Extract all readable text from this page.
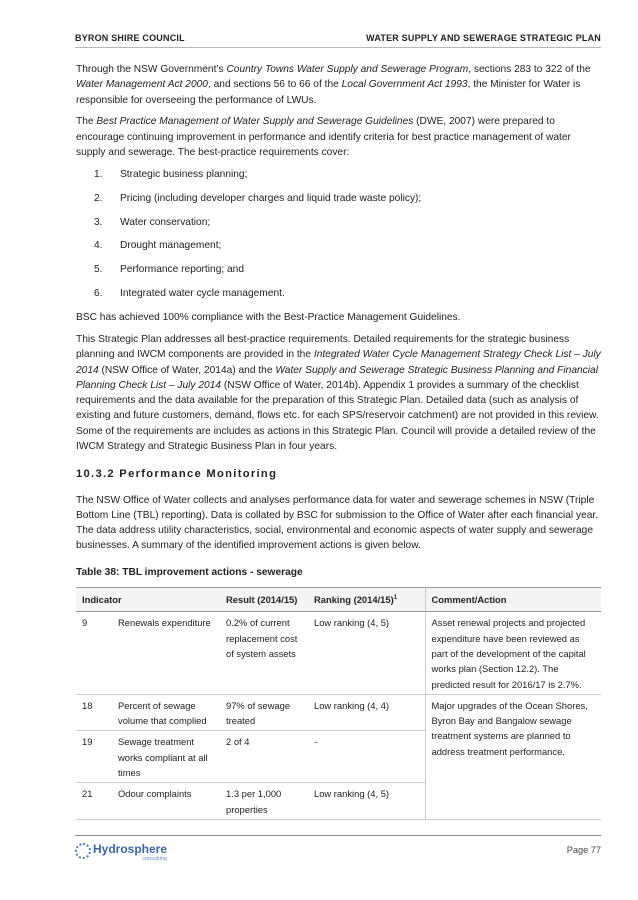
BYRON SHIRE COUNCIL	WATER SUPPLY AND SEWERAGE STRATEGIC PLAN

Through the NSW Government’s Country Towns Water Supply and Sewerage Program, sections 283 to 322 of the Water Management Act 2000, and sections 56 to 66 of the Local Government Act 1993, the Minister for Water is responsible for overseeing the performance of LWUs.

The Best Practice Management of Water Supply and Sewerage Guidelines (DWE, 2007) were prepared to encourage continuing improvement in performance and identify criteria for best practice management of water supply and sewerage. The best-practice requirements cover:

1. Strategic business planning;
2. Pricing (including developer charges and liquid trade waste policy);
3. Water conservation;
4. Drought management;
5. Performance reporting; and
6. Integrated water cycle management.

BSC has achieved 100% compliance with the Best-Practice Management Guidelines.

This Strategic Plan addresses all best-practice requirements. Detailed requirements for the strategic business planning and IWCM components are provided in the Integrated Water Cycle Management Strategy Check List – July 2014 (NSW Office of Water, 2014a) and the Water Supply and Sewerage Strategic Business Planning and Financial Planning Check List – July 2014 (NSW Office of Water, 2014b). Appendix 1 provides a summary of the checklist requirements and the data available for the preparation of this Strategic Plan. Detailed data (such as analysis of existing and future customers, demand, flows etc. for each SPS/reservoir catchment) are not provided in this review. Some of the requirements are includes as actions in this Strategic Plan. Council will provide a detailed review of the IWCM Strategy and Strategic Business Plan in four years.

10.3.2 Performance Monitoring

The NSW Office of Water collects and analyses performance data for water and sewerage schemes in NSW (Triple Bottom Line (TBL) reporting). Data is collated by BSC for submission to the Office of Water after each financial year. The data address utility characteristics, social, environmental and economic aspects of water supply and sewerage businesses. A summary of the identified improvement actions is given below.

Table 38: TBL improvement actions - sewerage
Indicator		Result (2014/15)	Ranking $(2014/15)^1$	Comment/Action
9	Renewals expenditure	0.2% of current replacement cost of system assets	Low ranking (4, 5)	Asset renewal projects and projected expenditure have been reviewed as part of the development of the capital works plan (Section 12.2). The predicted result for 2016/17 is 2.7%.
18	Percent of sewage volume that complied	97% of sewage treated	Low ranking (4, 4)	Major upgrades of the Ocean Shores, Byron Bay and Bangalow sewage treatment systems are planned to address treatment performance.
19	Sewage treatment works compliant at all times	2 of 4	-	
21	Odour complaints	1.3 per 1,000 properties	Low ranking (4, 5)	
Hydrosphere
consulting
Page 77
